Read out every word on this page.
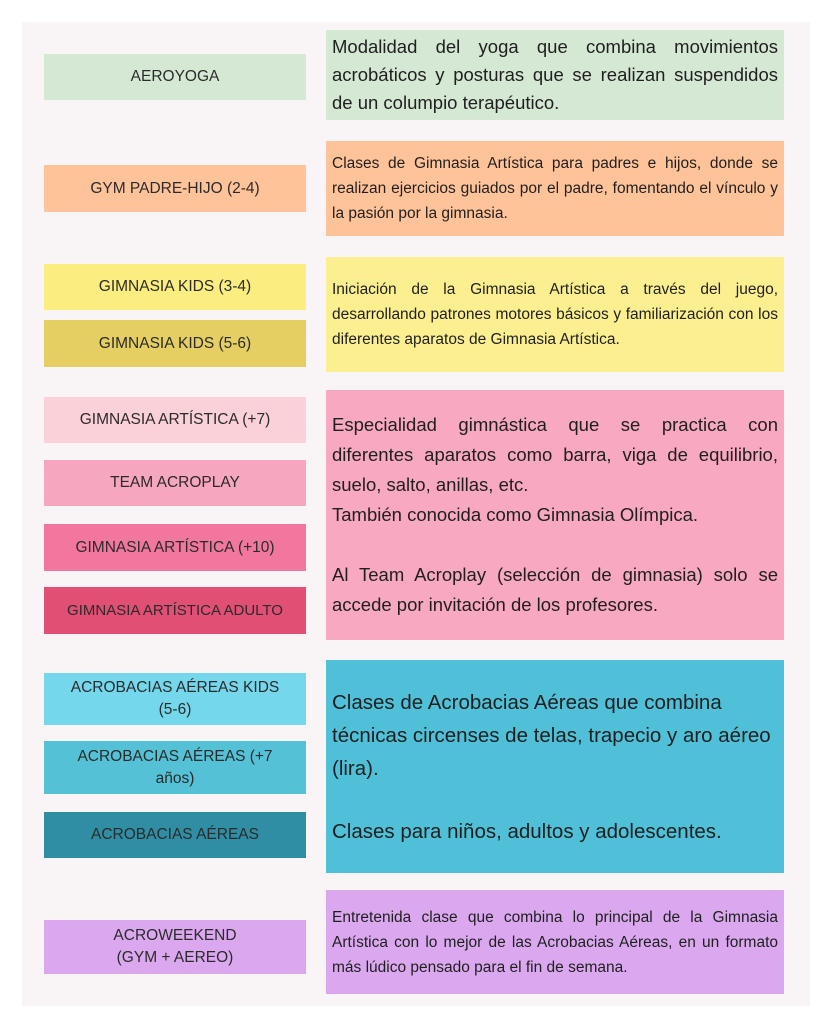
AEROYOGA

Modalidad del yoga que combina movimientos acrobáticos y posturas que se realizan suspendidos de un columpio terapéutico.

GYM PADRE-HIJO (2-4)

Clases de Gimnasia Artística para padres e hijos, donde se realizan ejercicios guiados por el padre, fomentando el vínculo y la pasión por la gimnasia.

GIMNASIA KIDS (3-4)
GIMNASIA KIDS (5-6)

Iniciación de la Gimnasia Artística a través del juego, desarrollando patrones motores básicos y familiarización con los diferentes aparatos de Gimnasia Artística.

GIMNASIA ARTÍSTICA (+7)
TEAM ACROPLAY
GIMNASIA ARTÍSTICA (+10)
GIMNASIA ARTÍSTICA ADULTO

Especialidad gimnástica que se practica con diferentes aparatos como barra, viga de equilibrio, suelo, salto, anillas, etc.

También conocida como Gimnasia Olímpica.

Al Team Acroplay (selección de gimnasia) solo se accede por invitación de los profesores.

ACROBACIAS AÉREAS KIDS
(5-6)
ACROBACIAS AÉREAS (+7
años)
ACROBACIAS AÉREAS

Clases de Acrobacias Aéreas que combina técnicas circenses de telas, trapecio y aro aéreo (lira).

Clases para niños, adultos y adolescentes.

ACROWEEKEND
(GYM + AEREO)

Entretenida clase que combina lo principal de la Gimnasia Artística con lo mejor de las Acrobacias Aéreas, en un formato más lúdico pensado para el fin de semana.
